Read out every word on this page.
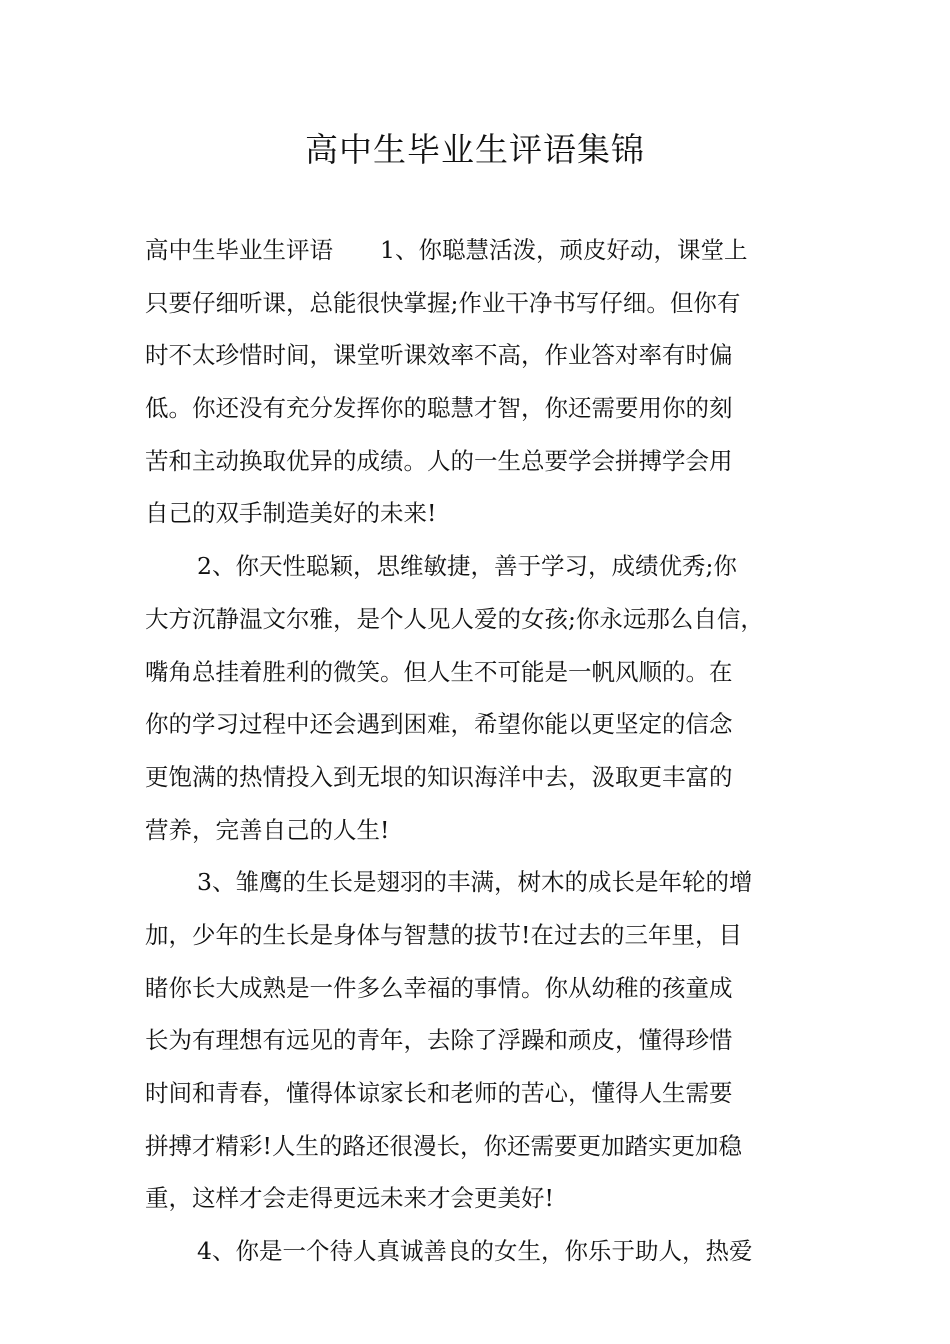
高中生毕业生评语集锦
高中生毕业生评语　　1、你聪慧活泼，顽皮好动，课堂上
只要仔细听课，总能很快掌握;作业干净书写仔细。但你有
时不太珍惜时间，课堂听课效率不高，作业答对率有时偏
低。你还没有充分发挥你的聪慧才智，你还需要用你的刻
苦和主动换取优异的成绩。人的一生总要学会拼搏学会用
自己的双手制造美好的未来!
2、你天性聪颖，思维敏捷，善于学习，成绩优秀;你
大方沉静温文尔雅，是个人见人爱的女孩;你永远那么自信，
嘴角总挂着胜利的微笑。但人生不可能是一帆风顺的。在
你的学习过程中还会遇到困难，希望你能以更坚定的信念
更饱满的热情投入到无垠的知识海洋中去，汲取更丰富的
营养，完善自己的人生!
3、雏鹰的生长是翅羽的丰满，树木的成长是年轮的增
加，少年的生长是身体与智慧的拔节!在过去的三年里，目
睹你长大成熟是一件多么幸福的事情。你从幼稚的孩童成
长为有理想有远见的青年，去除了浮躁和顽皮，懂得珍惜
时间和青春，懂得体谅家长和老师的苦心，懂得人生需要
拼搏才精彩!人生的路还很漫长，你还需要更加踏实更加稳
重，这样才会走得更远未来才会更美好!
4、你是一个待人真诚善良的女生，你乐于助人，热爱
